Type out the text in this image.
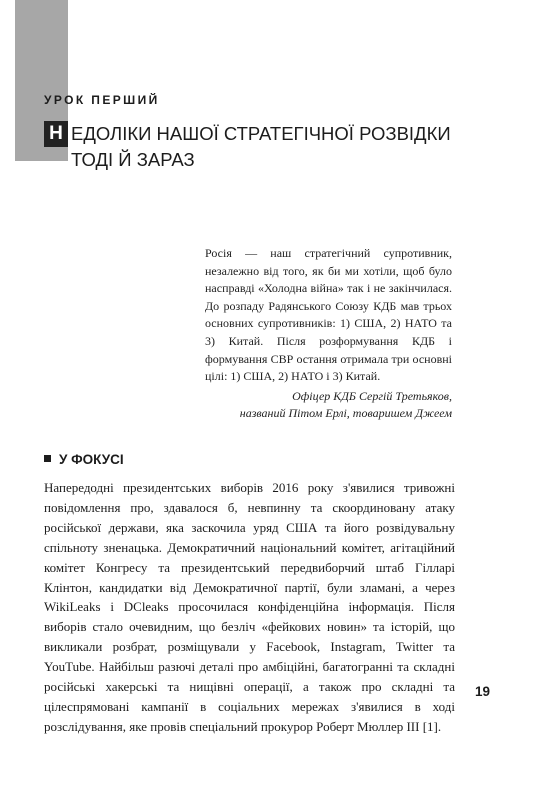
УРОК ПЕРШИЙ
Н ЕДОЛІКИ НАШОЇ СТРАТЕГІЧНОЇ РОЗВІДКИ
ТОДІ Й ЗАРАЗ

Росія — наш стратегічний супротивник, незалежно від того, як би ми хотіли, щоб було насправді «Холодна війна» так і не закінчилася. До розпаду Радянського Союзу КДБ мав трьох основних супротивників: 1) США, 2) НАТО та 3) Китай. Після розформування КДБ і формування СВР остання отримала три основні цілі: 1) США, 2) НАТО і 3) Китай.

Офіцер КДБ Сергій Третьяков,

названий Пітом Ерлі, товаришем Джеем

У ФОКУСІ

Напередодні президентських виборів 2016 року з'явилися тривожні повідомлення про, здавалося б, невпинну та скоординовану атаку російської держави, яка заскочила уряд США та його розвідувальну спільноту зненацька. Демократичний національний комітет, агітаційний комітет Конгресу та президентський передвиборчий штаб Гілларі Клінтон, кандидатки від Демократичної партії, були зламані, а через WikiLeaks і DCleaks просочилася конфіденційна інформація. Після виборів стало очевидним, що безліч «фейкових новин» та історій, що викликали розбрат, розміщували у Facebook, Instagram, Twitter та YouTube. Найбільш разючі деталі про амбіційні, багатогранні та складні російські хакерські та нищівні операції, а також про складні та цілеспрямовані кампанії в соціальних мережах з'явилися в ході розслідування, яке провів спеціальний прокурор Роберт Мюллер III [1].

19
